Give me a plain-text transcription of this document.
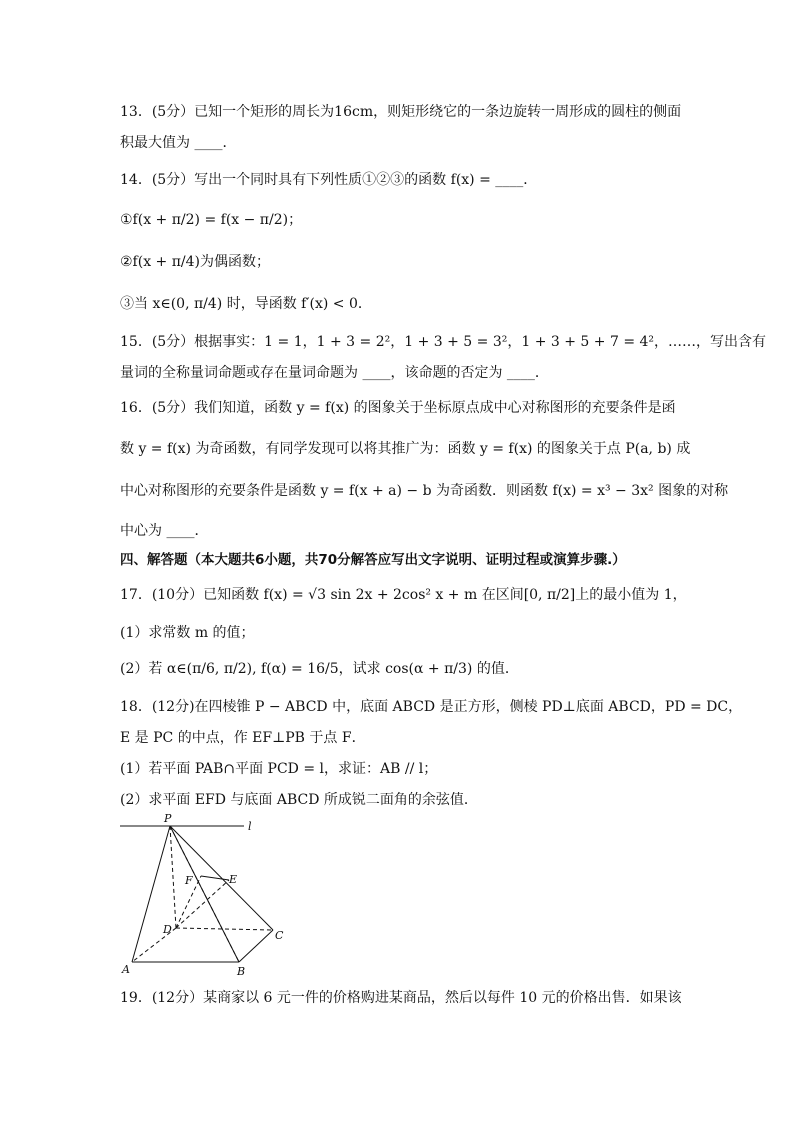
13．(5分）已知一个矩形的周长为16cm，则矩形绕它的一条边旋转一周形成的圆柱的侧面
积最大值为 ____．
14．(5分）写出一个同时具有下列性质①②③的函数 f(x) = ____．
①f(x + π/2) = f(x − π/2)；
②f(x + π/4)为偶函数；
③当 x∈(0, π/4) 时，导函数 f′(x) < 0．
15．(5分）根据事实：1 = 1，1 + 3 = 2²，1 + 3 + 5 = 3²，1 + 3 + 5 + 7 = 4²，……，写出含有
量词的全称量词命题或存在量词命题为 ____，该命题的否定为 ____．
16．(5分）我们知道，函数 y = f(x) 的图象关于坐标原点成中心对称图形的充要条件是函
数 y = f(x) 为奇函数，有同学发现可以将其推广为：函数 y = f(x) 的图象关于点 P(a, b) 成
中心对称图形的充要条件是函数 y = f(x + a) − b 为奇函数．则函数 f(x) = x³ − 3x² 图象的对称
中心为 ____．
四、解答题（本大题共6小题，共70分解答应写出文字说明、证明过程或演算步骤.）
17．(10分）已知函数 f(x) = √3 sin 2x + 2cos² x + m 在区间[0, π/2]上的最小值为 1，
(1）求常数 m 的值；
(2）若 α∈(π/6, π/2), f(α) = 16/5，试求 cos(α + π/3) 的值．
18．(12分)在四棱锥 P − ABCD 中，底面 ABCD 是正方形，侧棱 PD⊥底面 ABCD，PD = DC，
E 是 PC 的中点，作 EF⊥PB 于点 F．
(1）若平面 PAB∩平面 PCD = l，求证：AB // l；
(2）求平面 EFD 与底面 ABCD 所成锐二面角的余弦值．
P
l
F	E
D	C
A	B
19．(12分）某商家以 6 元一件的价格购进某商品，然后以每件 10 元的价格出售．如果该
